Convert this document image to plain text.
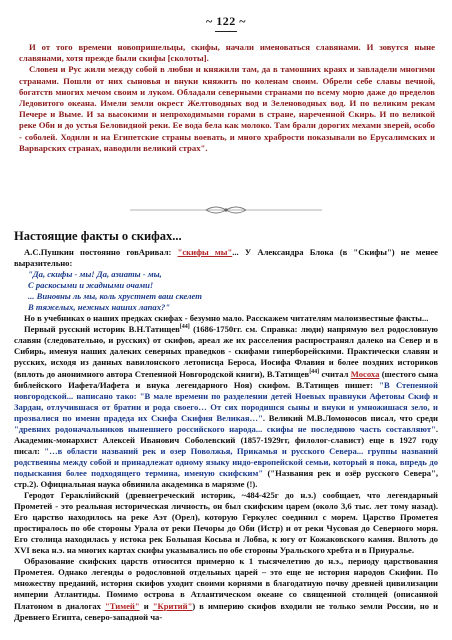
~ 122 ~

И от того времени новопришельцы, скифы, начали именоваться славянами. И зовутся ныне славянами, хотя прежде были скифы [сколоты].

Словен и Рус жили между собой в любви и княжили там, да в тамошних краях и завладели многими странами. Пошли от них сыновья и внуки княжить по коленам своим. Обрели себе славы вечной, богатств многих мечом своим и луком. Обладали северными странами по всему морю даже до пределов Ледовитого океана. Имели земли окрест Желтоводных вод и Зеленоводных вод. И по великим рекам Печере и Выме. И за высокими и непроходимыми горами в стране, нареченной Скирь. И по великой реке Оби и до устья Беловидной реки. Ее вода бела как молоко. Там брали дорогих мехами зверей, особо - соболей. Ходили и на Египетские страны воевать, и много храбрости показывали во Ерусалимских и Варварских странах, наводили великий страх".

Настоящие факты о скифах...

А.С.Пушкин постоянно говАривал: "скифы мы"... У Александра Блока (в "Скифы") не менее выразительно:

"Да, скифы - мы! Да, азиаты - мы,
С раскосыми и жадными очами!
... Виновны ль мы, коль хрустнет ваш скелет
В тяжелых, нежных наших лапах?"

Но в учебниках о наших предках скифах - безумно мало. Расскажем читателям малоизвестные факты...

Первый русский историк В.Н.Татищев[44] (1686-1750гг. см. Справка: люди) напрямую вел родословную славян (следовательно, и русских) от скифов, ареал же их расселения распространял далеко на Север и в Сибирь, именуя наших далеких северных праведков - скифами гиперборейскими. Практически славян и русских, исходя из данных вавилонского летописца Бероса, Иосифа Флавия и более поздних историков (вплоть до анонимного автора Степенной Новгородской книги), В.Татищев[44] считал Мосоха (шестого сына библейского Иафета/Иафета и внука легендарного Ноя) скифом. В.Татищев пишет: "В Степенной новгородской... написано тако: "В мале времени по разделении детей Ноевых правнуки Афетовы Скиф и Зардан, отлучившася от братии и рода своего… От сих породишся сыны и внуки и умножишася зело, и прозвалися по имени прадеда их Скифа Скифия Великая…". Великий М.В.Ломоносов писал, что среди "древних родоначальников нынешнего российского народа... скифы не последнюю часть составляют". Академик-монархист Алексей Иванович Соболевский (1857-1929гг, филолог-славист) еще в 1927 году писал: "…в области названий рек и озер Поволжья, Прикамья и русского Севера... группы названий родственны между собой и принадлежат одному языку индо-европейской семьи, который я пока, впредь до подыскания более подходящего термина, именую скифским" ("Названия рек и озёр русского Севера", стр.2). Официальная наука обвинила академика в марязме (!).

Геродот Геракліийский (древнегреческий историк, ~484-425г до н.э.) сообщает, что легендарный Прометей - это реальная историческая личность, он был скифским царем (около 3,6 тыс. лет тому назад). Его царство находилось на реке Аэт (Орел), которую Геркулес соединил с морем. Царство Прометея простиралось по обе стороны Урала от реки Печоры до Оби (Истр) и от реки Чусовая до Северного моря. Его столица находилась у истока рек Большая Косьва и Лобва, к югу от Кожаковского камня. Вплоть до XVI века н.э. на многих картах скифы указывались по обе стороны Уральского хребта и в Приуралье.

Образование скифских царств относится примерно к 1 тысячелетию до н.э., периоду царствования Прометея. Однако легенды о родословной отдельных царей – это еще не история народов Скифии. По множеству преданий, история скифов уходит своими корнями в благодатную почву древней цивилизации империи Атлантиды. Помимо острова в Атлантическом океане со священной столицей (описанной Платоном в диалогах "Тимей" и "Критий") в империю скифов входили не только земли России, но и Древнего Египта, северо-западной ча-
